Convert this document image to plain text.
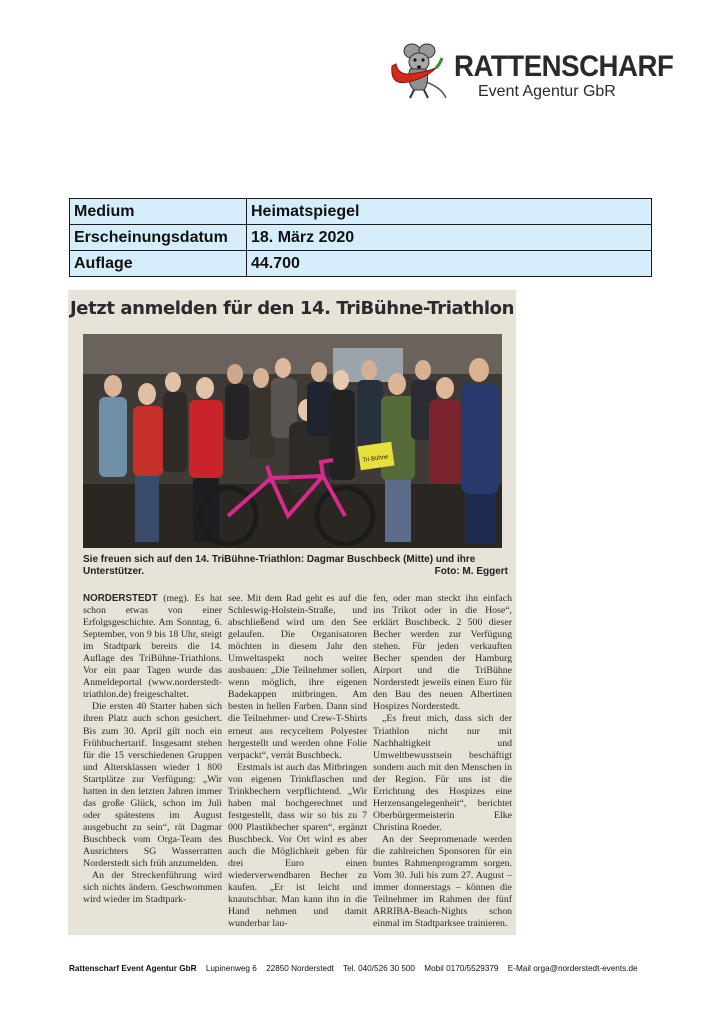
RATTENSCHARF
Event Agentur GbR
Medium	Heimatspiegel
Erscheinungsdatum	18. März 2020
Auflage	44.700
Jetzt anmelden für den 14. TriBühne-Triathlon
Tri-Bühne
Sie freuen sich auf den 14. TriBühne-Triathlon: Dagmar Buschbeck (Mitte) und ihre Unterstützer.	Foto: M. Eggert

NORDERSTEDT (meg). Es hat schon etwas von einer Erfolgsgeschichte. Am Sonntag, 6. September, von 9 bis 18 Uhr, steigt im Stadtpark bereits die 14. Auflage des TriBühne-Triathlons. Vor ein paar Tagen wurde das Anmeldeportal (www.norderstedt-triathlon.de) freigeschaltet.

Die ersten 40 Starter haben sich ihren Platz auch schon gesichert. Bis zum 30. April gilt noch ein Frühbuchertarif. Insgesamt stehen für die 15 verschiedenen Gruppen und Altersklassen wieder 1 800 Startplätze zur Verfügung: „Wir hatten in den letzten Jahren immer das große Glück, schon im Juli oder spätestens im August ausgebucht zu sein“, rät Dagmar Buschbeck vom Orga-Team des Ausrichters SG Wasserratten Norderstedt sich früh anzumelden.

An der Streckenführung wird sich nichts ändern. Geschwommen wird wieder im Stadtpark-

see. Mit dem Rad geht es auf die Schleswig-Holstein-Straße, und abschließend wird um den See gelaufen. Die Organisatoren möchten in diesem Jahr den Umweltaspekt noch weiter ausbauen: „Die Teilnehmer sollen, wenn möglich, ihre eigenen Badekappen mitbringen. Am besten in hellen Farben. Dann sind die Teilnehmer- und Crew-T-Shirts erneut aus recyceltem Polyester hergestellt und werden ohne Folie verpackt“, verrät Buschbeck.

Erstmals ist auch das Mitbringen von eigenen Trinkflaschen und Trinkbechern verpflichtend. „Wir haben mal hochgerechnet und festgestellt, dass wir so bis zu 7 000 Plastikbecher sparen“, ergänzt Buschbeck. Vor Ort wird es aber auch die Möglichkeit geben für drei Euro einen wiederverwendbaren Becher zu kaufen. „Er ist leicht und knautschbar. Man kann ihn in die Hand nehmen und damit wunderbar lau-

fen, oder man steckt ihn einfach ins Trikot oder in die Hose“, erklärt Buschbeck. 2 500 dieser Becher werden zur Verfügung stehen. Für jeden verkauften Becher spenden der Hamburg Airport und die TriBühne Norderstedt jeweils einen Euro für den Bau des neuen Albertinen Hospizes Norderstedt.

„Es freut mich, dass sich der Triathlon nicht nur mit Nachhaltigkeit und Umweltbewusstsein beschäftigt sondern auch mit den Menschen in der Region. Für uns ist die Errichtung des Hospizes eine Herzensangelegenheit“, berichtet Oberbürgermeisterin Elke Christina Roeder.

An der Seepromenade werden die zahlreichen Sponsoren für ein buntes Rahmenprogramm sorgen. Vom 30. Juli bis zum 27. August – immer donnerstags – können die Teilnehmer im Rahmen der fünf ARRIBA-Beach-Nights schon einmal im Stadtparksee trainieren.

Rattenscharf Event Agentur GbR Lupinenweg 6 22850 Norderstedt Tel. 040/526 30 500 Mobil 0170/5529379 E-Mail orga@norderstedt-events.de
